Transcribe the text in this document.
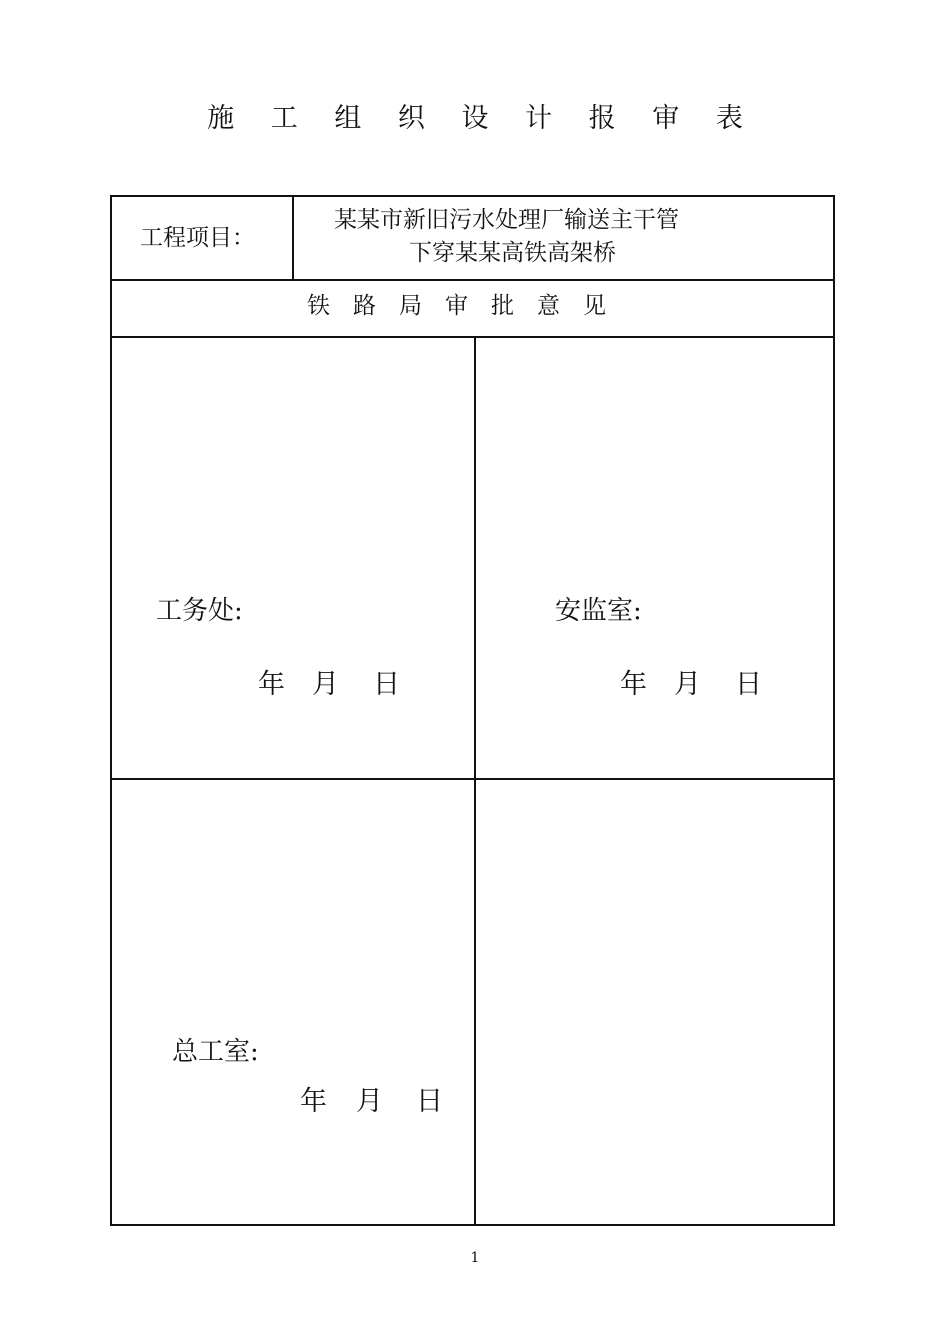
施 工 组 织 设 计 报 审 表
工程项目：
某某市新旧污水处理厂输送主干管
下穿某某高铁高架桥
铁　路　局　审　批　意　见
工务处:
年 月 日
安监室:
年 月 日
总工室:
年 月 日
1
